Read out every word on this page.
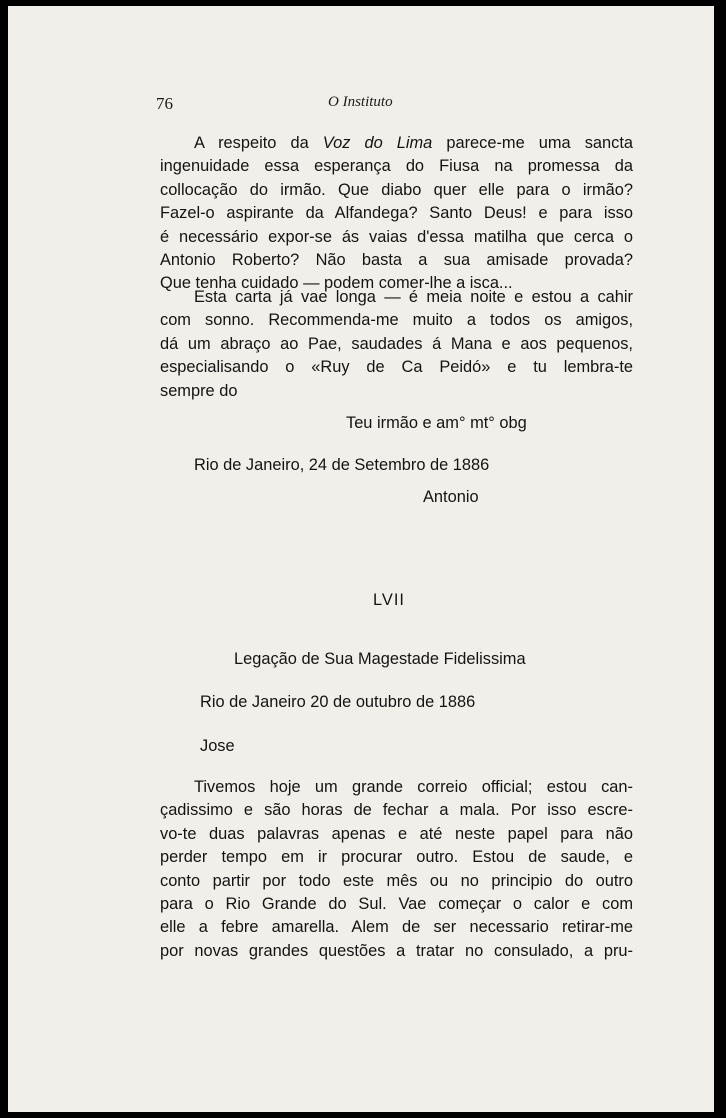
76	O Instituto
A respeito da Voz do Lima parece-me uma sancta
ingenuidade essa esperança do Fiusa na promessa da
collocação do irmão. Que diabo quer elle para o irmão?
Fazel-o aspirante da Alfandega? Santo Deus! e para isso
é necessário expor-se ás vaias d'essa matilha que cerca o
Antonio Roberto? Não basta a sua amisade provada?
Que tenha cuidado — podem comer-lhe a isca...
Esta carta já vae longa — é meia noite e estou a cahir
com sonno. Recommenda-me muito a todos os amigos,
dá um abraço ao Pae, saudades á Mana e aos pequenos,
especialisando o «Ruy de Ca Peidó» e tu lembra-te
sempre do
Teu irmão e am° mt° obg
Rio de Janeiro, 24 de Setembro de 1886
Antonio
LVII
Legação de Sua Magestade Fidelissima
Rio de Janeiro 20 de outubro de 1886
Jose
Tivemos hoje um grande correio official; estou can-
çadissimo e são horas de fechar a mala. Por isso escre-
vo-te duas palavras apenas e até neste papel para não
perder tempo em ir procurar outro. Estou de saude, e
conto partir por todo este mês ou no principio do outro
para o Rio Grande do Sul. Vae começar o calor e com
elle a febre amarella. Alem de ser necessario retirar-me
por novas grandes questões a tratar no consulado, a pru-
